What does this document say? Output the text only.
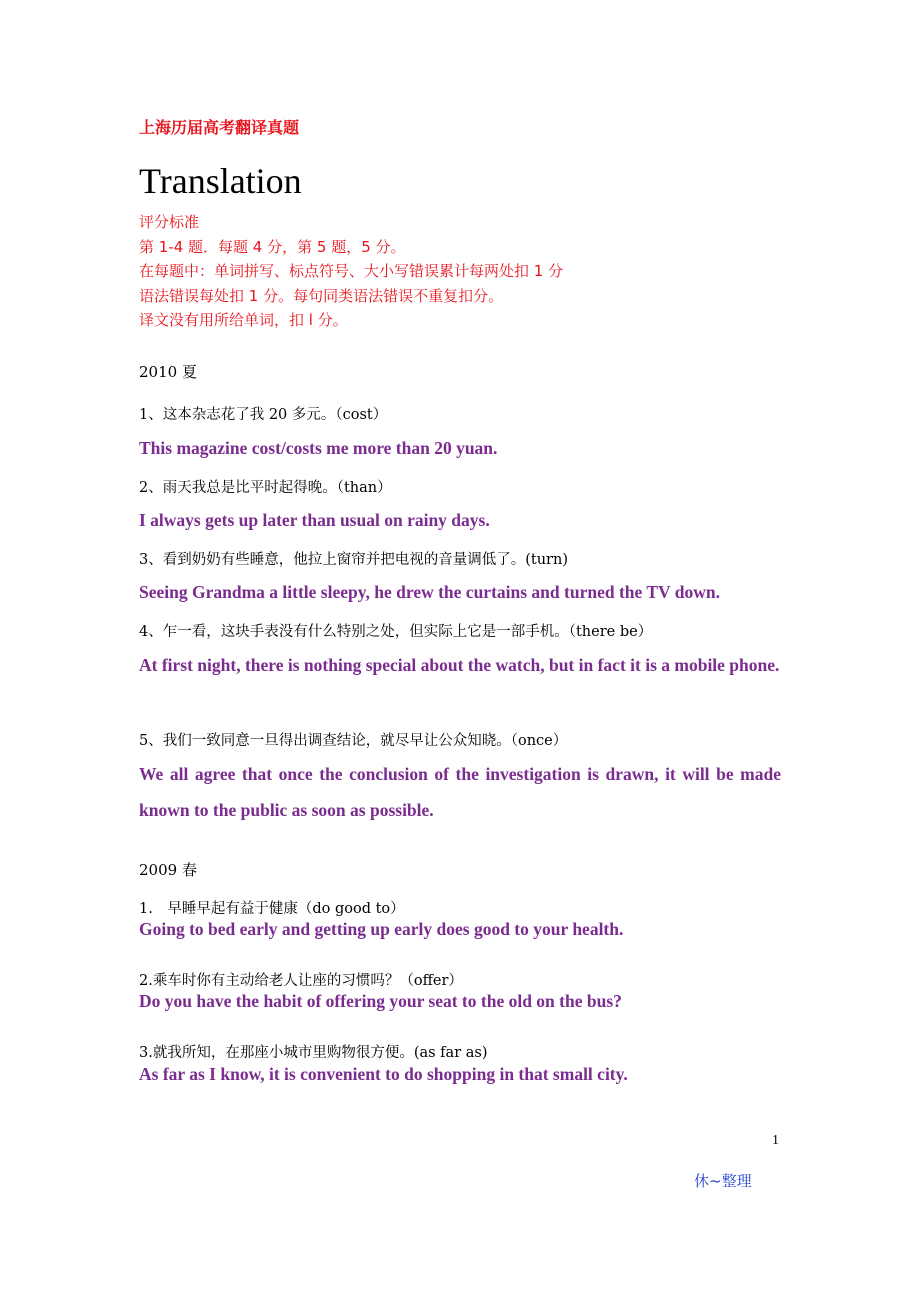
上海历届高考翻译真题
Translation
评分标准
第 1-4 题．每题 4 分，第 5 题，5 分。
在每题中：单词拼写、标点符号、大小写错误累计每两处扣 1 分
语法错误每处扣 1 分。每句同类语法错误不重复扣分。
译文没有用所给单词，扣 l 分。
2010 夏
1、这本杂志花了我 20 多元。（cost）
This magazine cost/costs me more than 20 yuan.
2、雨天我总是比平时起得晚。（than）
I always gets up later than usual on rainy days.
3、看到奶奶有些睡意，他拉上窗帘并把电视的音量调低了。(turn)
Seeing Grandma a little sleepy, he drew the curtains and turned the TV down.
4、乍一看，这块手表没有什么特别之处，但实际上它是一部手机。（there be）
At first night, there is nothing special about the watch, but in fact it is a mobile phone.
5、我们一致同意一旦得出调查结论，就尽早让公众知晓。（once）
We all agree that once the conclusion of the investigation is drawn, it will be made known to the public as soon as possible.
2009 春
1.　早睡早起有益于健康（do good to）
Going to bed early and getting up early does good to your health.
2.乘车时你有主动给老人让座的习惯吗？（offer）
Do you have the habit of offering your seat to the old on the bus?
3.就我所知，在那座小城市里购物很方便。(as far as)
As far as I know, it is convenient to do shopping in that small city.
1
休~整理
